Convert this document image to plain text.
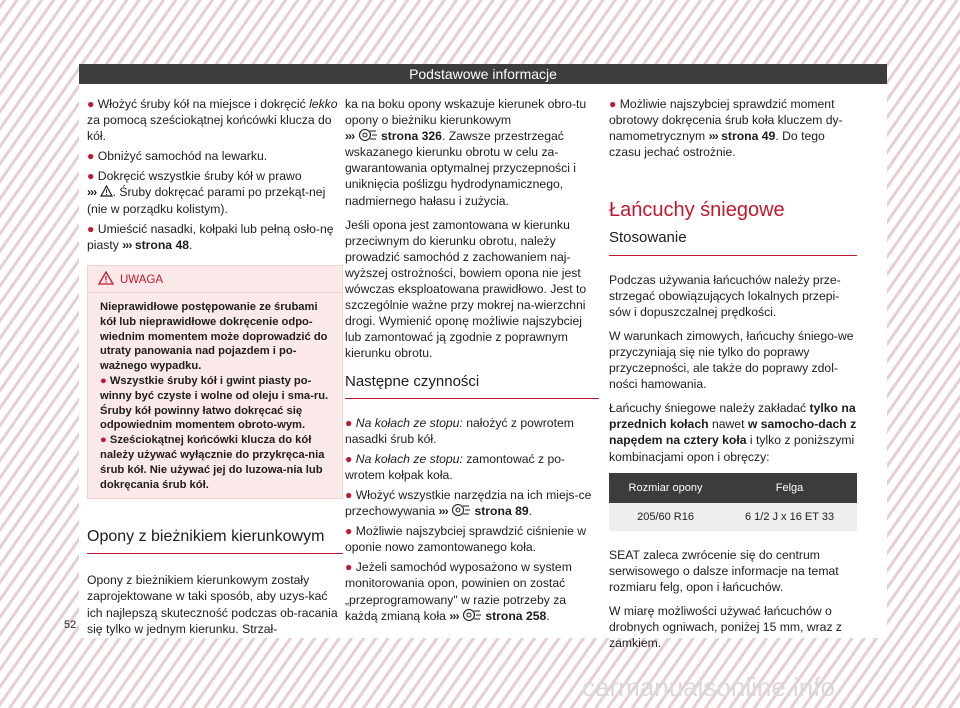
Podstawowe informacje

● Włożyć śruby kół na miejsce i dokręcić lekko za pomocą sześciokątnej końcówki klucza do kół.

● Obniżyć samochód na lewarku.

● Dokręcić wszystkie śruby kół w prawo
››› . Śruby dokręcać parami po przekąt-nej (nie w porządku kolistym).

● Umieścić nasadki, kołpaki lub pełną osło-nę piasty ››› strona 48.

UWAGA

Nieprawidłowe postępowanie ze śrubami kół lub nieprawidłowe dokręcenie odpo-wiednim momentem może doprowadzić do utraty panowania nad pojazdem i po-ważnego wypadku.

● Wszystkie śruby kół i gwint piasty po-winny być czyste i wolne od oleju i sma-ru. Śruby kół powinny łatwo dokręcać się odpowiednim momentem obroto-wym.

● Sześciokątnej końcówki klucza do kół należy używać wyłącznie do przykręca-nia śrub kół. Nie używać jej do luzowa-nia lub dokręcania śrub kół.

Opony z bieżnikiem kierunkowym

Opony z bieżnikiem kierunkowym zostały zaprojektowane w taki sposób, aby uzys-kać ich najlepszą skuteczność podczas ob-racania się tylko w jednym kierunku. Strzał-

ka na boku opony wskazuje kierunek obro-tu opony o bieżniku kierunkowym
››› strona 326. Zawsze przestrzegać wskazanego kierunku obrotu w celu za-gwarantowania optymalnej przyczepności i uniknięcia poślizgu hydrodynamicznego, nadmiernego hałasu i zużycia.

Jeśli opona jest zamontowana w kierunku przeciwnym do kierunku obrotu, należy prowadzić samochód z zachowaniem naj-wyższej ostrożności, bowiem opona nie jest wówczas eksploatowana prawidłowo. Jest to szczególnie ważne przy mokrej na-wierzchni drogi. Wymienić oponę możliwie najszybciej lub zamontować ją zgodnie z poprawnym kierunku obrotu.

Następne czynności

● Na kołach ze stopu: nałożyć z powrotem nasadki śrub kół.

● Na kołach ze stopu: zamontować z po-wrotem kołpak koła.

● Włożyć wszystkie narzędzia na ich miejs-ce przechowywania ››› strona 89.

● Możliwie najszybciej sprawdzić ciśnienie w oponie nowo zamontowanego koła.

● Jeżeli samochód wyposażono w system monitorowania opon, powinien on zostać „przeprogramowany" w razie potrzeby za każdą zmianą koła ››› strona 258.

● Możliwie najszybciej sprawdzić moment obrotowy dokręcenia śrub koła kluczem dy-namometrycznym ››› strona 49. Do tego czasu jechać ostrożnie.

Łańcuchy śniegowe
Stosowanie

Podczas używania łańcuchów należy prze-strzegać obowiązujących lokalnych przepi-sów i dopuszczalnej prędkości.

W warunkach zimowych, łańcuchy śniego-we przyczyniają się nie tylko do poprawy przyczepności, ale także do poprawy zdol-ności hamowania.

Łańcuchy śniegowe należy zakładać tylko na przednich kołach nawet w samocho-dach z napędem na cztery koła i tylko z poniższymi kombinacjami opon i obręczy:

Rozmiar opony	Felga
205/60 R16	6 1/2 J x 16 ET 33

SEAT zaleca zwrócenie się do centrum serwisowego o dalsze informacje na temat rozmiaru felg, opon i łańcuchów.

W miarę możliwości używać łańcuchów o drobnych ogniwach, poniżej 15 mm, wraz z zamkiem.

52
carmanualsonline.info
